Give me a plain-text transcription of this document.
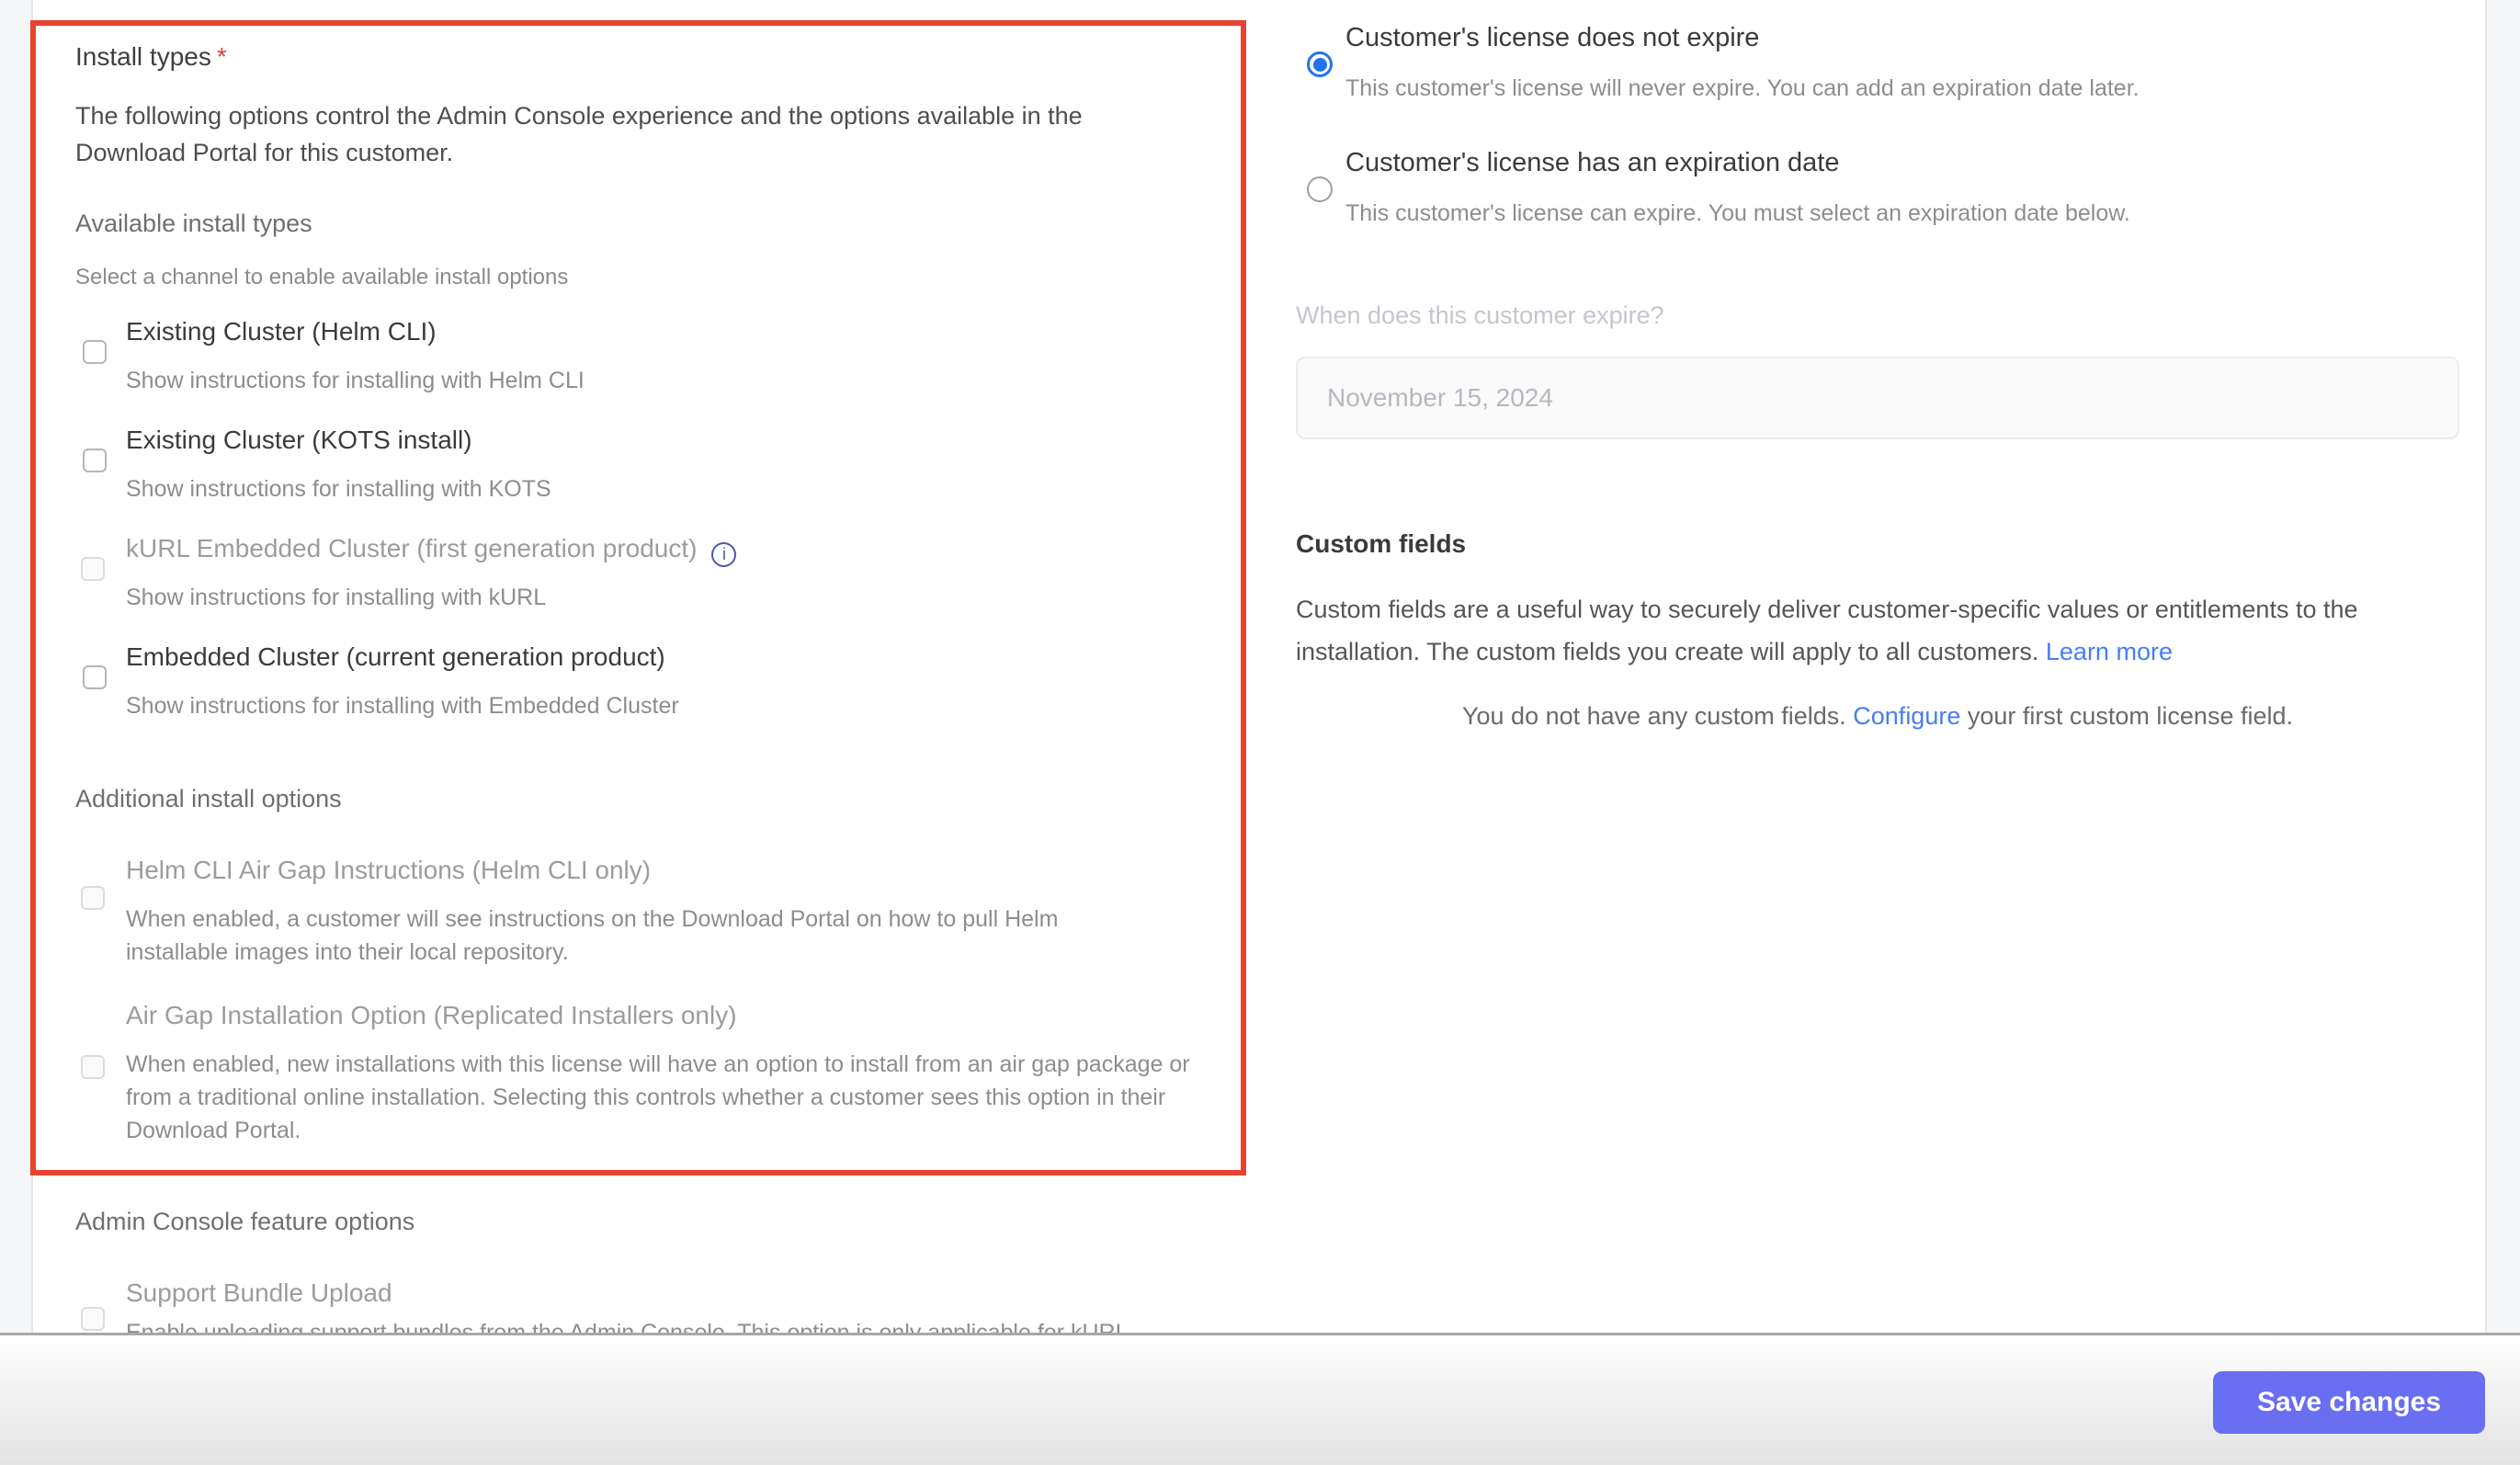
Install types *
The following options control the Admin Console experience and the options available in the Download Portal for this customer.
Available install types
Select a channel to enable available install options
Existing Cluster (Helm CLI)
Show instructions for installing with Helm CLI
Existing Cluster (KOTS install)
Show instructions for installing with KOTS
kURL Embedded Cluster (first generation product) i
Show instructions for installing with kURL
Embedded Cluster (current generation product)
Show instructions for installing with Embedded Cluster
Additional install options
Helm CLI Air Gap Instructions (Helm CLI only)
When enabled, a customer will see instructions on the Download Portal on how to pull Helm installable images into their local repository.
Air Gap Installation Option (Replicated Installers only)
When enabled, new installations with this license will have an option to install from an air gap package or from a traditional online installation. Selecting this controls whether a customer sees this option in their Download Portal.
Admin Console feature options
Support Bundle Upload
Customer's license does not expire
This customer's license will never expire. You can add an expiration date later.
Customer's license has an expiration date
This customer's license can expire. You must select an expiration date below.
When does this customer expire?
November 15, 2024
Custom fields
Custom fields are a useful way to securely deliver customer-specific values or entitlements to the installation. The custom fields you create will apply to all customers. Learn more
You do not have any custom fields. Configure your first custom license field.
Save changes
